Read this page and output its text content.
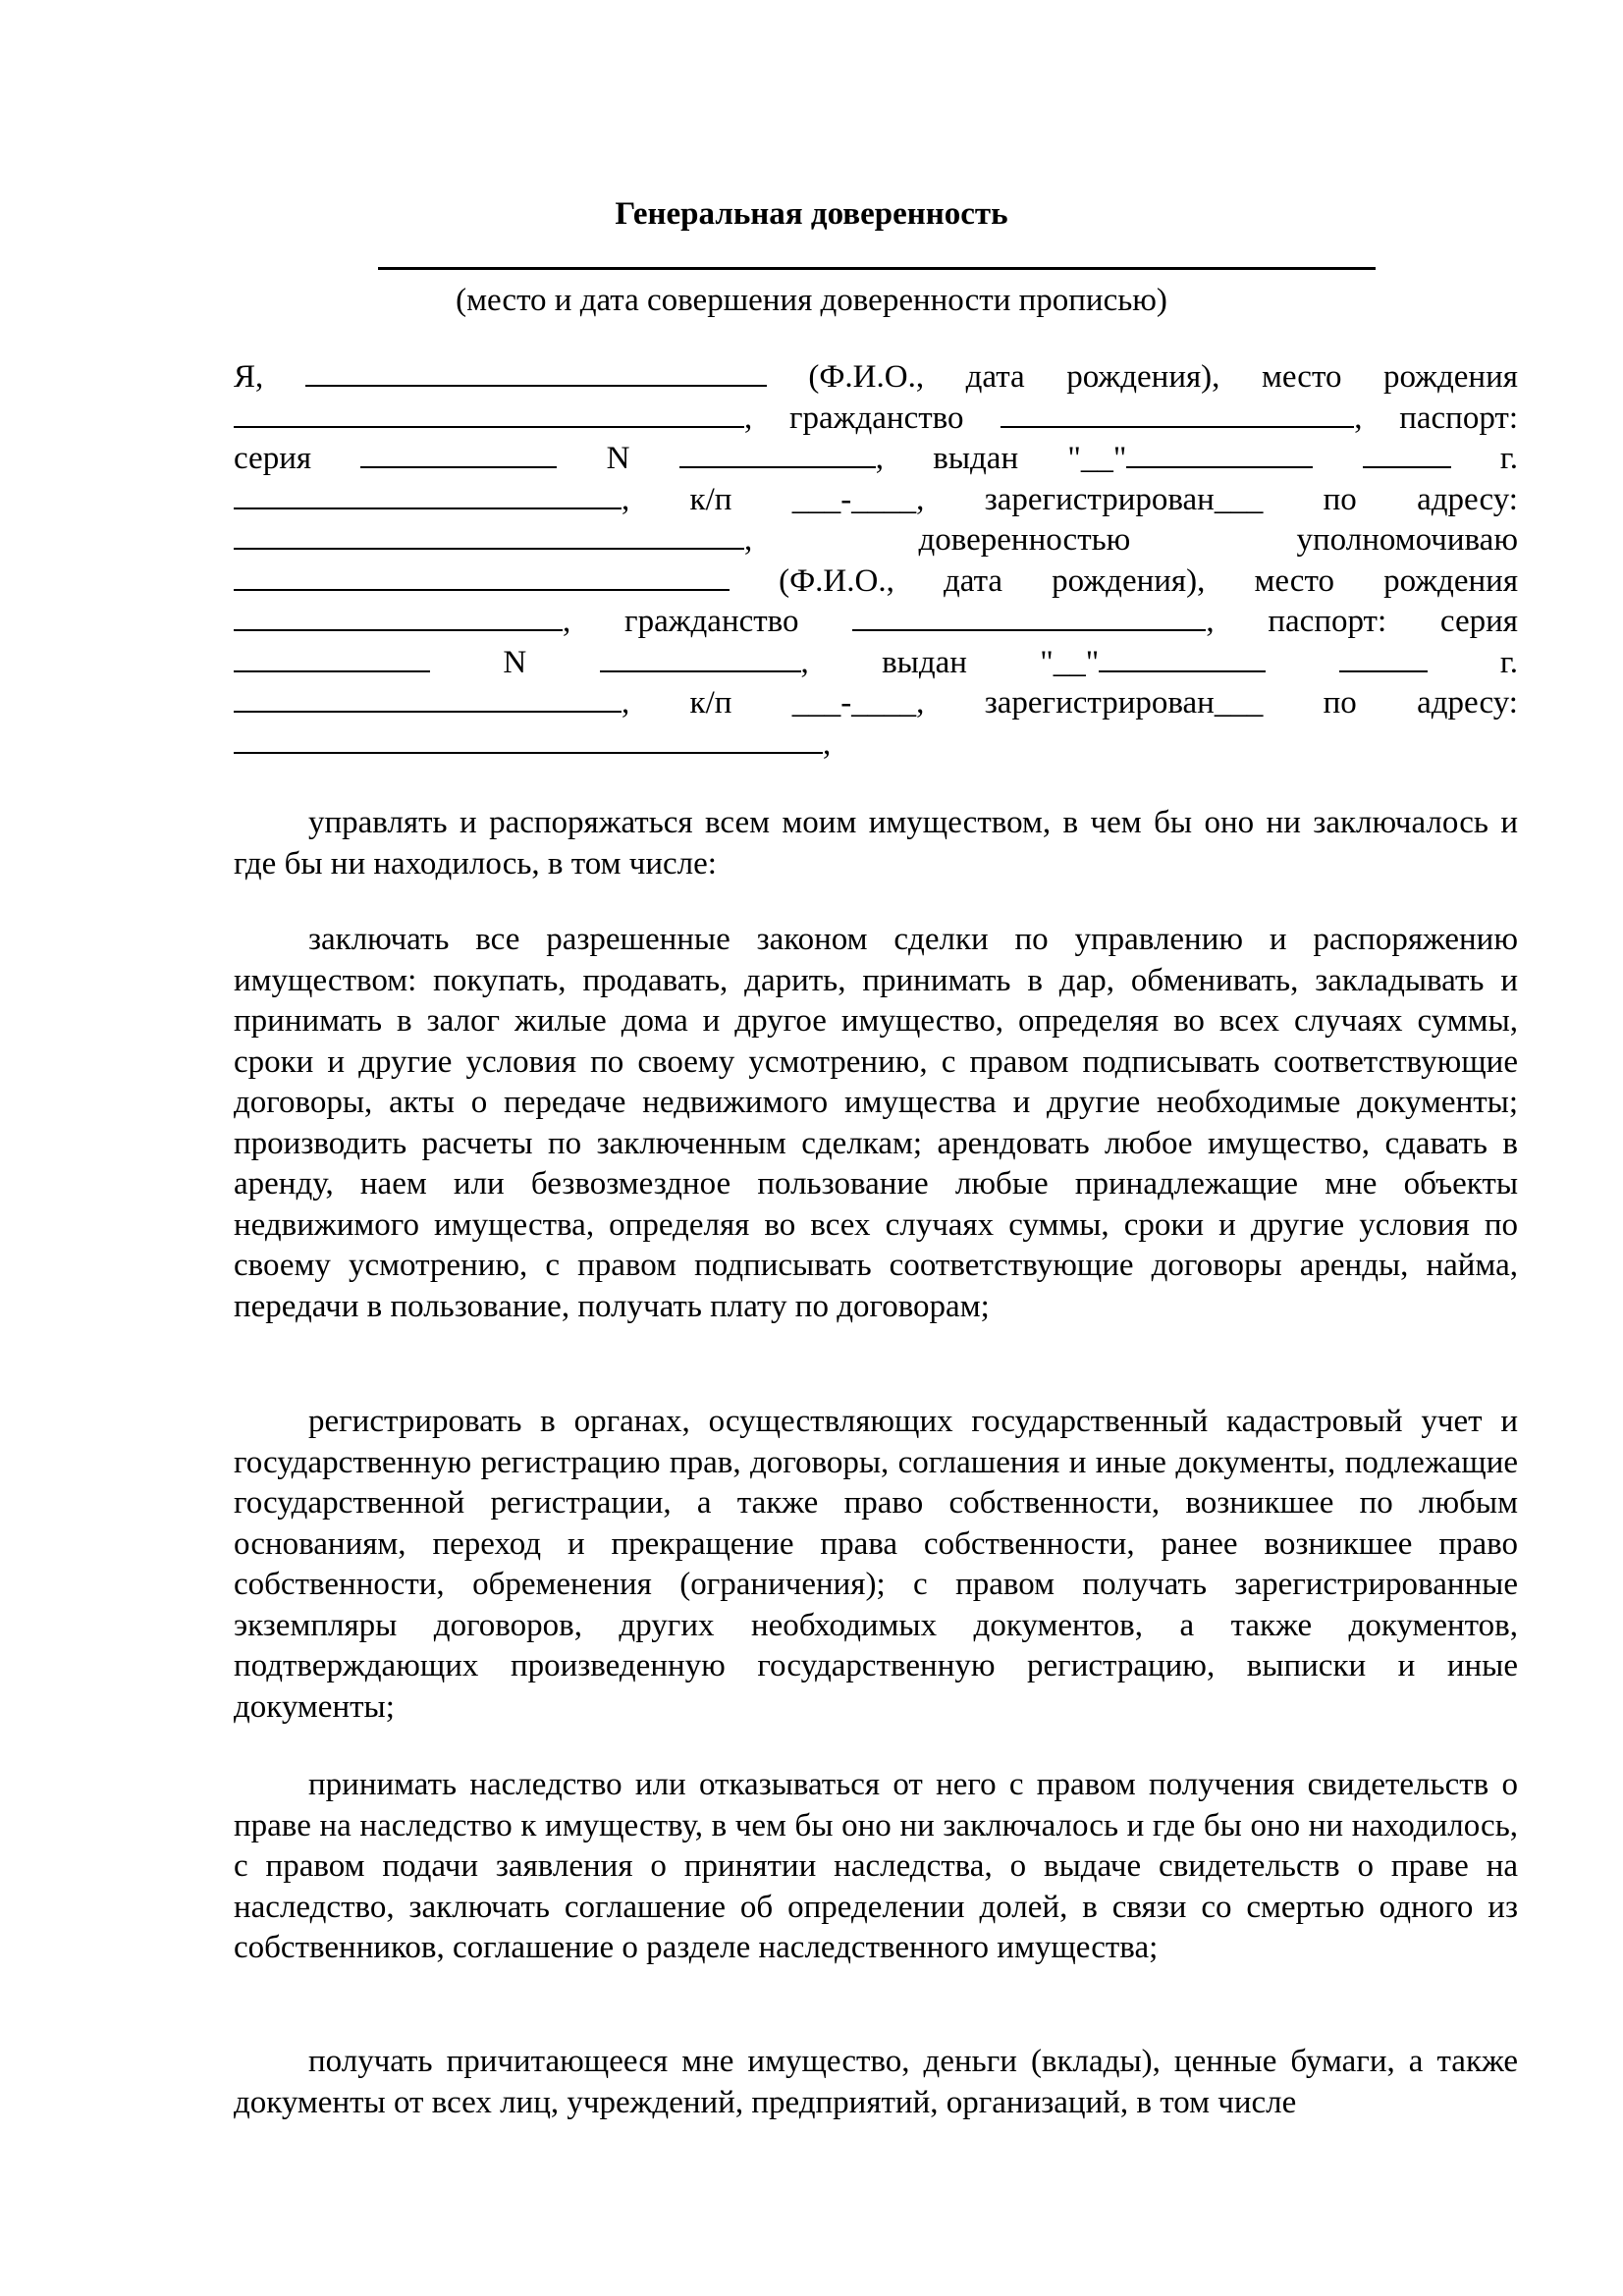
Генеральная доверенность
(место и дата совершения доверенности прописью)
Я,	(Ф.И.О., дата рождения), место рождения
, гражданство	, паспорт:
серия	N	, выдан "__"	г.
, к/п ___-____, зарегистрирован___ по адресу:
,	доверенностью	уполномочиваю
(Ф.И.О., дата рождения), место рождения
, гражданство	, паспорт: серия
N	, выдан "__"	г.
, к/п ___-____, зарегистрирован___ по адресу:
,

управлять и распоряжаться всем моим имуществом, в чем бы оно ни заключалось и где бы ни находилось, в том числе:

заключать все разрешенные законом сделки по управлению и распоряжению имуществом: покупать, продавать, дарить, принимать в дар, обменивать, закладывать и принимать в залог жилые дома и другое имущество, определяя во всех случаях суммы, сроки и другие условия по своему усмотрению, с правом подписывать соответствующие договоры, акты о передаче недвижимого имущества и другие необходимые документы; производить расчеты по заключенным сделкам; арендовать любое имущество, сдавать в аренду, наем или безвозмездное пользование любые принадлежащие мне объекты недвижимого имущества, определяя во всех случаях суммы, сроки и другие условия по своему усмотрению, с правом подписывать соответствующие договоры аренды, найма, передачи в пользование, получать плату по договорам;

регистрировать в органах, осуществляющих государственный кадастровый учет и государственную регистрацию прав, договоры, соглашения и иные документы, подлежащие государственной регистрации, а также право собственности, возникшее по любым основаниям, переход и прекращение права собственности, ранее возникшее право собственности, обременения (ограничения); с правом получать зарегистрированные экземпляры договоров, других необходимых документов, а также документов, подтверждающих произведенную государственную регистрацию, выписки и иные документы;

принимать наследство или отказываться от него с правом получения свидетельств о праве на наследство к имуществу, в чем бы оно ни заключалось и где бы оно ни находилось, с правом подачи заявления о принятии наследства, о выдаче свидетельств о праве на наследство, заключать соглашение об определении долей, в связи со смертью одного из собственников, соглашение о разделе наследственного имущества;

получать причитающееся мне имущество, деньги (вклады), ценные бумаги, а также документы от всех лиц, учреждений, предприятий, организаций, в том числе
